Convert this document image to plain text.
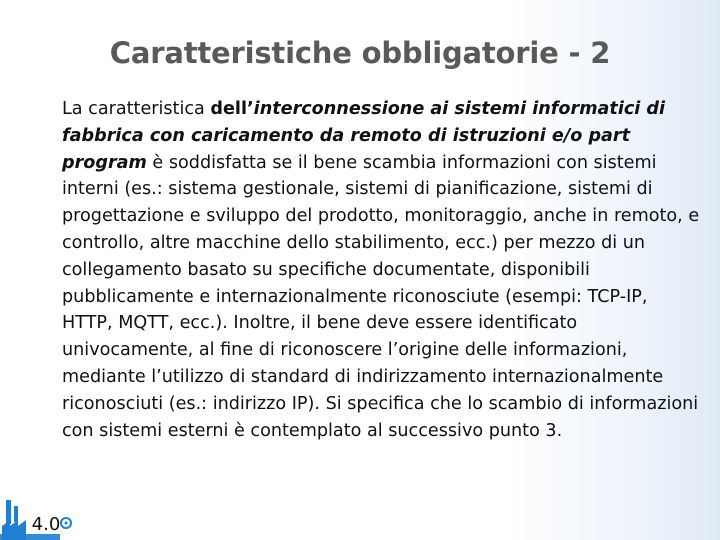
Caratteristiche obbligatorie - 2

La caratteristica dell’interconnessione ai sistemi informatici di fabbrica con caricamento da remoto di istruzioni e/o part program è soddisfatta se il bene scambia informazioni con sistemi interni (es.: sistema gestionale, sistemi di pianificazione, sistemi di progettazione e sviluppo del prodotto, monitoraggio, anche in remoto, e controllo, altre macchine dello stabilimento, ecc.) per mezzo di un collegamento basato su specifiche documentate, disponibili pubblicamente e internazionalmente riconosciute (esempi: TCP-IP, HTTP, MQTT, ecc.). Inoltre, il bene deve essere identificato univocamente, al fine di riconoscere l’origine delle informazioni, mediante l’utilizzo di standard di indirizzamento internazionalmente riconosciuti (es.: indirizzo IP). Si specifica che lo scambio di informazioni con sistemi esterni è contemplato al successivo punto 3.

4.0
